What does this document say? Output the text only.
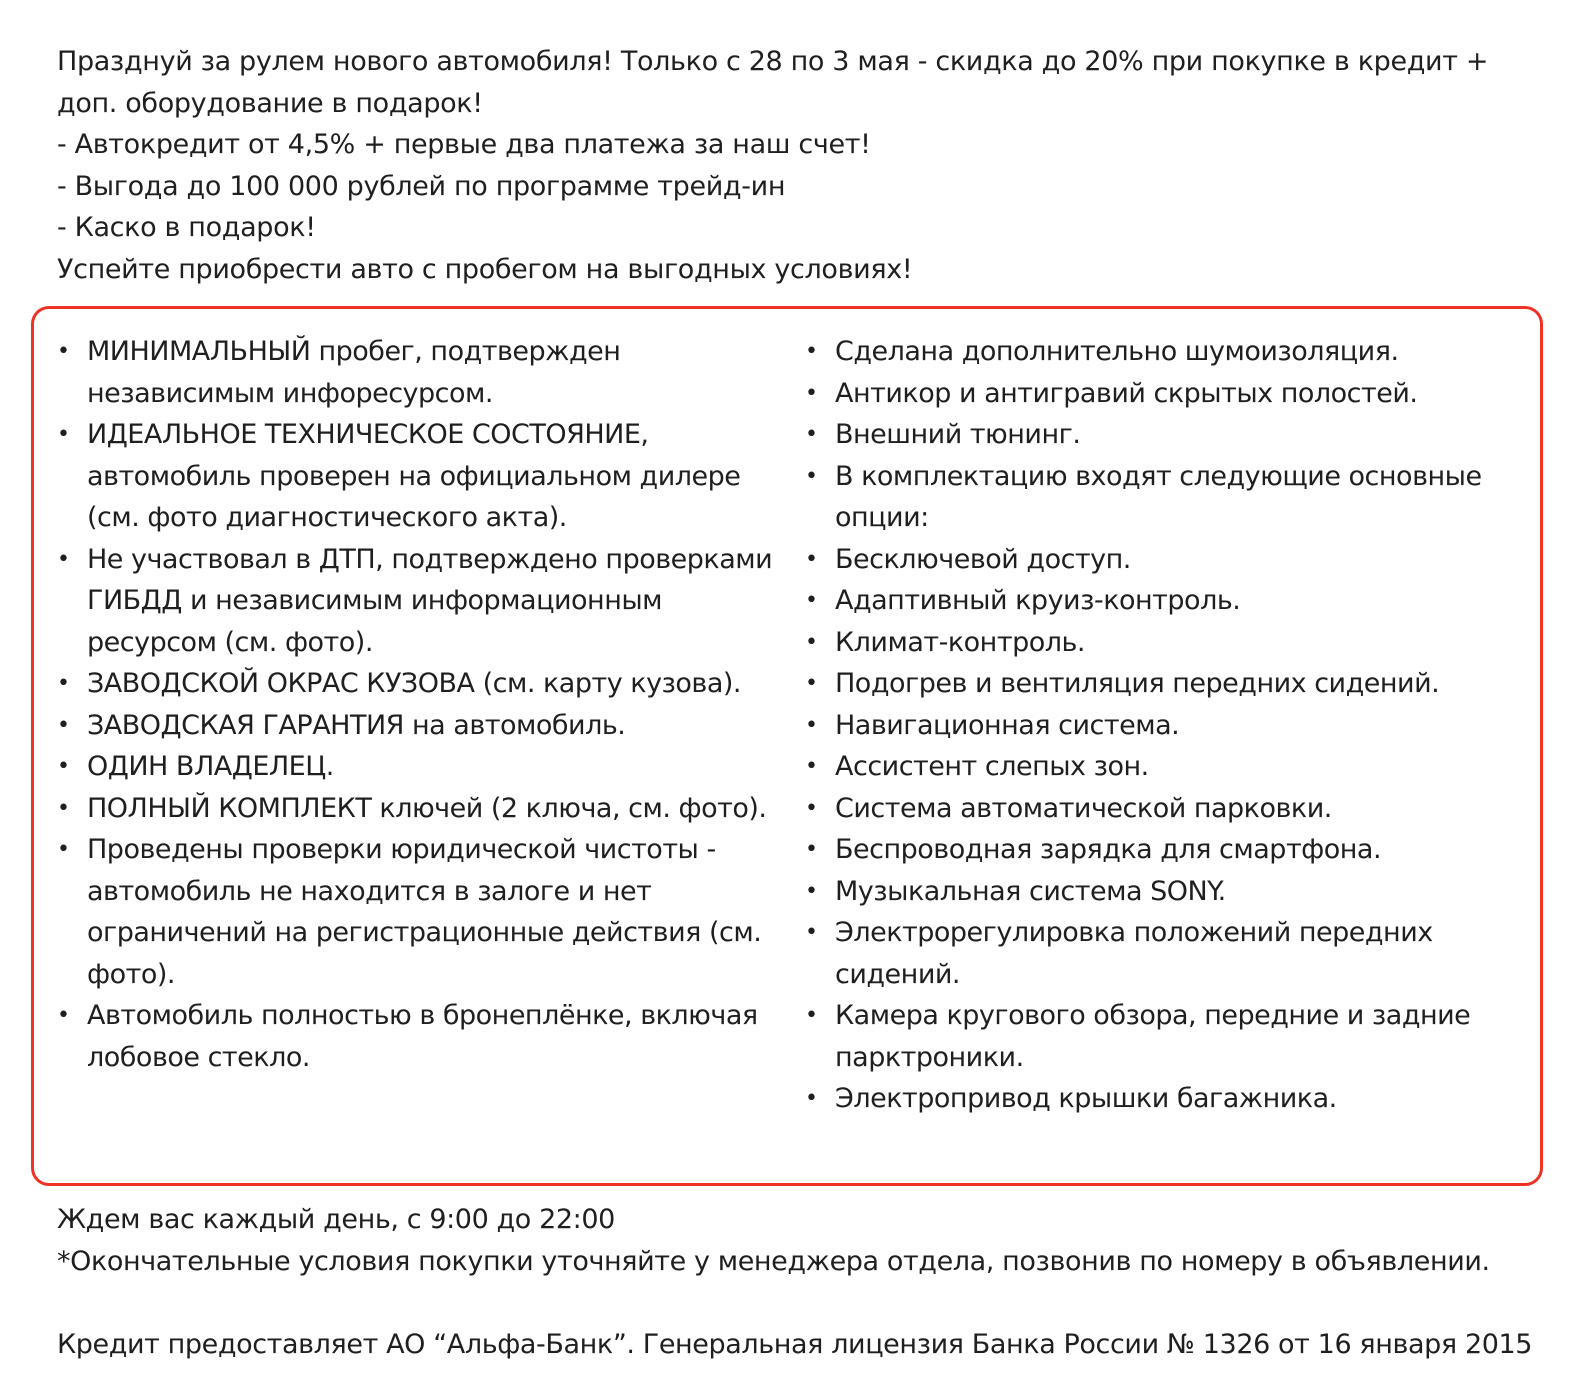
Празднуй за рулем нового автомобиля! Только с 28 по 3 мая - скидка до 20% при покупке в кредит +
доп. оборудование в подарок!
- Автокредит от 4,5% + первые два платежа за наш счет!
- Выгода до 100 000 рублей по программе трейд-ин
- Каско в подарок!
Успейте приобрести авто с пробегом на выгодных условиях!
• МИНИМАЛЬНЫЙ пробег, подтвержден независимым инфоресурсом.
• ИДЕАЛЬНОЕ ТЕХНИЧЕСКОЕ СОСТОЯНИЕ, автомобиль проверен на официальном дилере (см. фото диагностического акта).
• Не участвовал в ДТП, подтверждено проверками ГИБДД и независимым информационным ресурсом (см. фото).
• ЗАВОДСКОЙ ОКРАС КУЗОВА (см. карту кузова).
• ЗАВОДСКАЯ ГАРАНТИЯ на автомобиль.
• ОДИН ВЛАДЕЛЕЦ.
• ПОЛНЫЙ КОМПЛЕКТ ключей (2 ключа, см. фото).
• Проведены проверки юридической чистоты - автомобиль не находится в залоге и нет ограничений на регистрационные действия (см. фото).
• Автомобиль полностью в бронеплёнке, включая лобовое стекло.
• Сделана дополнительно шумоизоляция.
• Антикор и антигравий скрытых полостей.
• Внешний тюнинг.
• В комплектацию входят следующие основные опции:
• Бесключевой доступ.
• Адаптивный круиз-контроль.
• Климат-контроль.
• Подогрев и вентиляция передних сидений.
• Навигационная система.
• Ассистент слепых зон.
• Система автоматической парковки.
• Беспроводная зарядка для смартфона.
• Музыкальная система SONY.
• Электрорегулировка положений передних сидений.
• Камера кругового обзора, передние и задние парктроники.
• Электропривод крышки багажника.
Ждем вас каждый день, с 9:00 до 22:00
*Окончательные условия покупки уточняйте у менеджера отдела, позвонив по номеру в объявлении.
Кредит предоставляет АО “Альфа-Банк”. Генеральная лицензия Банка России № 1326 от 16 января 2015
